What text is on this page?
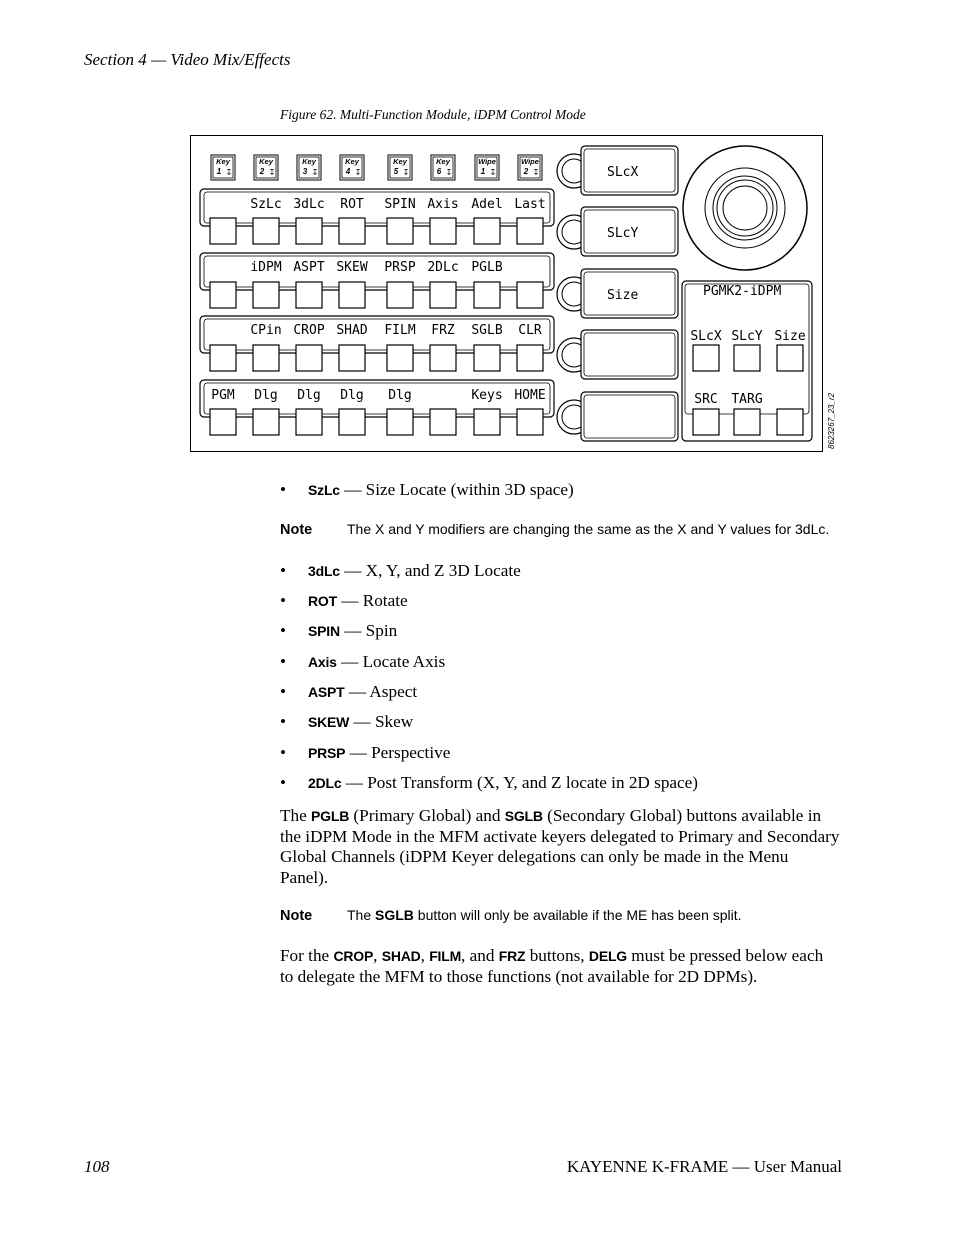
Section 4 — Video Mix/Effects
Figure 62. Multi-Function Module, iDPM Control Mode
Key
1 ↧
Key
2 ↧
Key
3 ↧
Key
4 ↧
Key
5 ↧
Key
6 ↧
Wipe
1 ↧
Wipe
2 ↧
SzLc 3dLc ROT SPIN Axis Adel Last
iDPM ASPT SKEW PRSP 2DLc PGLB
CPin CROP SHAD FILM FRZ SGLB CLR
PGM Dlg Dlg Dlg Dlg	Keys HOME
SLcX
SLcY
Size	PGMK2-iDPM
SRC TARG
SLcX SLcY Size
8623267_23_r2
• SzLc — Size Locate (within 3D space)
Note The X and Y modifiers are changing the same as the X and Y values for 3dLc.
• 3dLc — X, Y, and Z 3D Locate
• ROT — Rotate
• SPIN — Spin
• Axis — Locate Axis
• ASPT — Aspect
• SKEW — Skew
• PRSP — Perspective
• 2DLc — Post Transform (X, Y, and Z locate in 2D space)
The PGLB (Primary Global) and SGLB (Secondary Global) buttons available in the iDPM Mode in the MFM activate keyers delegated to Primary and Secondary Global Channels (iDPM Keyer delegations can only be made in the Menu Panel).
Note The SGLB button will only be available if the ME has been split.
For the CROP, SHAD, FILM, and FRZ buttons, DELG must be pressed below each to delegate the MFM to those functions (not available for 2D DPMs).
108	KAYENNE K-FRAME — User Manual
